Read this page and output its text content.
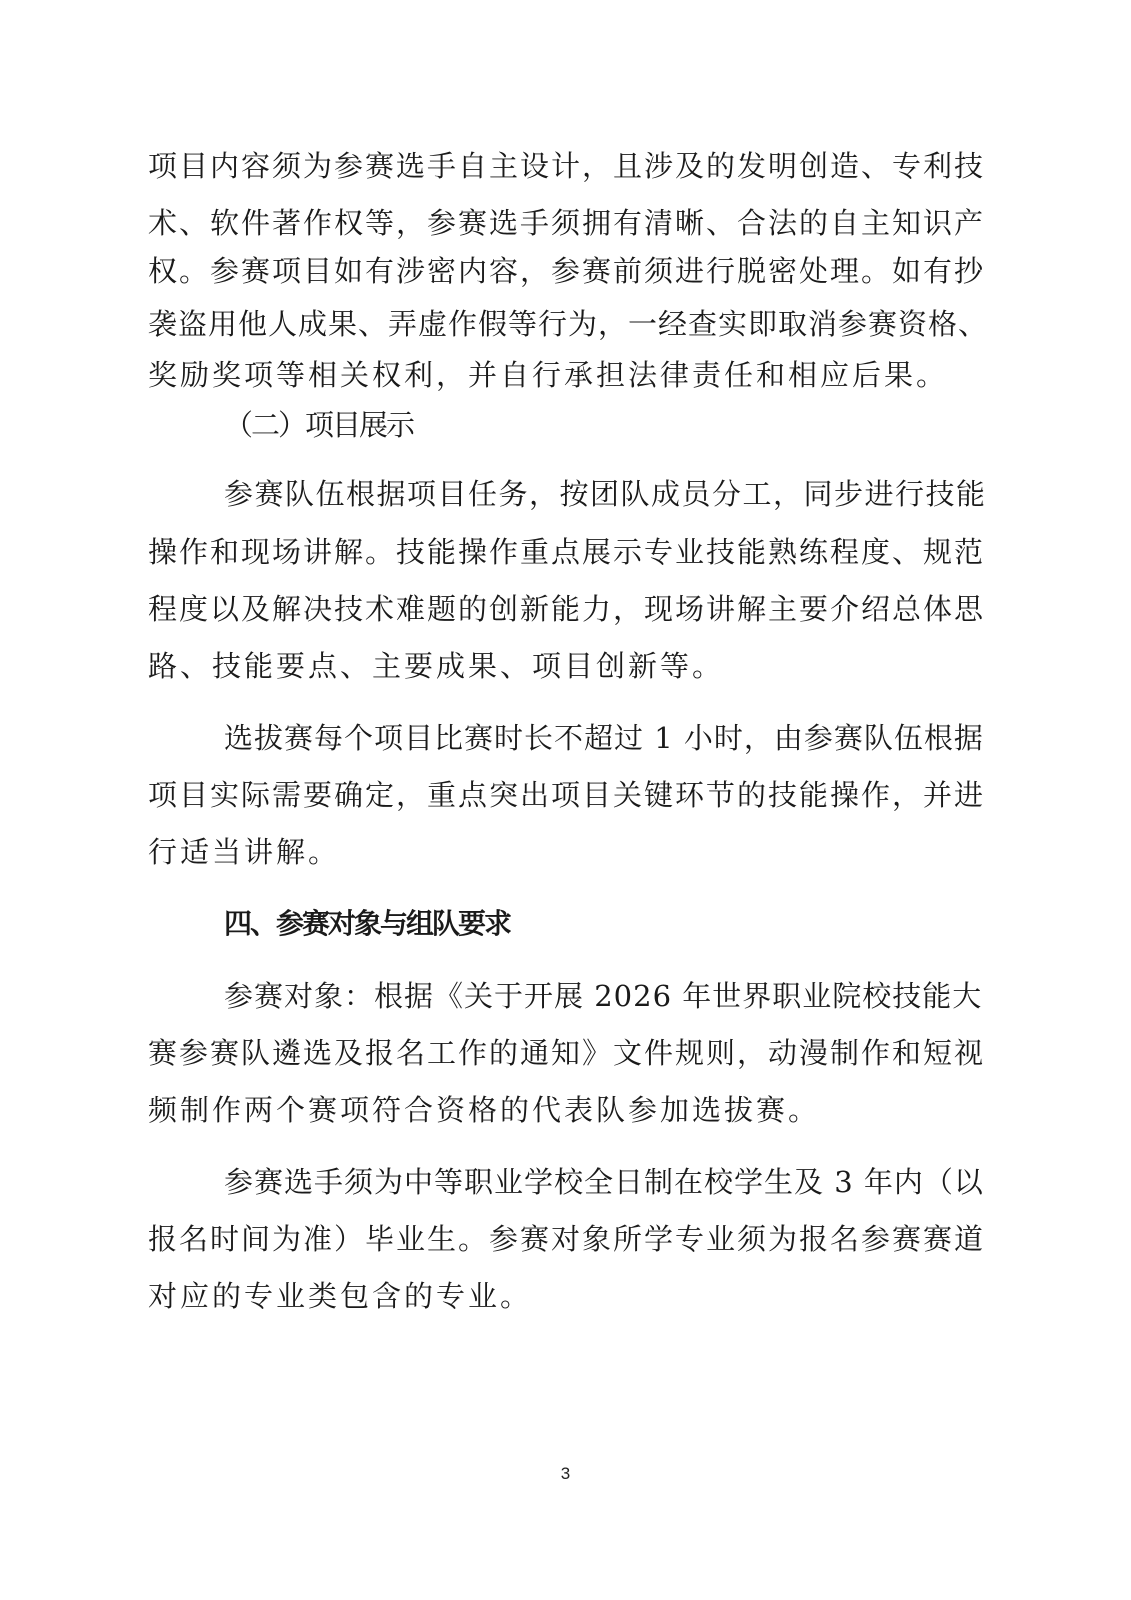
项目内容须为参赛选手自主设计，且涉及的发明创造、专利技
术、软件著作权等，参赛选手须拥有清晰、合法的自主知识产
权。参赛项目如有涉密内容，参赛前须进行脱密处理。如有抄
袭盗用他人成果、弄虚作假等行为，一经查实即取消参赛资格、
奖励奖项等相关权利，并自行承担法律责任和相应后果。
（二）项目展示
参赛队伍根据项目任务，按团队成员分工，同步进行技能
操作和现场讲解。技能操作重点展示专业技能熟练程度、规范
程度以及解决技术难题的创新能力，现场讲解主要介绍总体思
路、技能要点、主要成果、项目创新等。
选拔赛每个项目比赛时长不超过 1 小时，由参赛队伍根据
项目实际需要确定，重点突出项目关键环节的技能操作，并进
行适当讲解。
四、参赛对象与组队要求
参赛对象：根据《关于开展 2026 年世界职业院校技能大
赛参赛队遴选及报名工作的通知》文件规则，动漫制作和短视
频制作两个赛项符合资格的代表队参加选拔赛。
参赛选手须为中等职业学校全日制在校学生及 3 年内（以
报名时间为准）毕业生。参赛对象所学专业须为报名参赛赛道
对应的专业类包含的专业。
3
